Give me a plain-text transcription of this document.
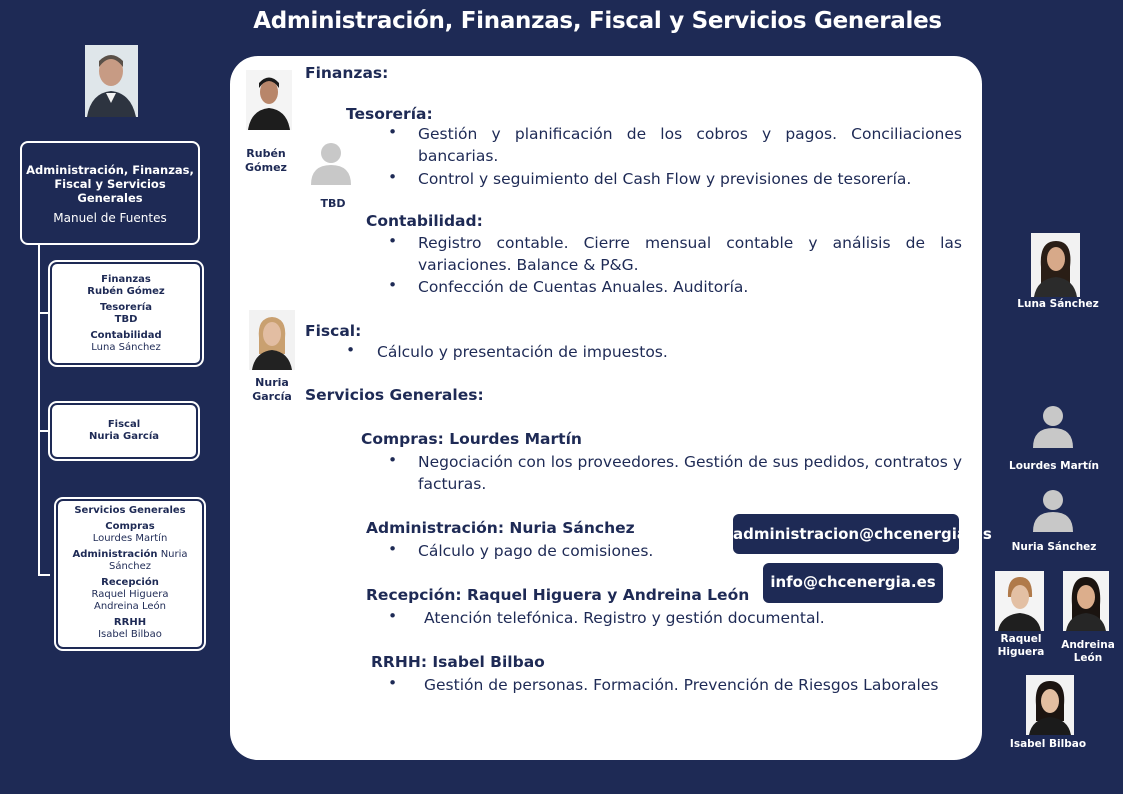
Administración, Finanzas, Fiscal y Servicios Generales
Administración, Finanzas, Fiscal y Servicios Generales
Manuel de Fuentes
Finanzas
Rubén Gómez
Tesorería
TBD
Contabilidad
Luna Sánchez
Fiscal
Nuria García
Servicios Generales
Compras
Lourdes Martín
Administración Nuria Sánchez
Recepción
Raquel Higuera
Andreina León
RRHH
Isabel Bilbao
Rubén Gómez
TBD
Nuria García
Finanzas:
Tesorería:
• Gestión y planificación de los cobros y pagos. Conciliaciones bancarias.
• Control y seguimiento del Cash Flow y previsiones de tesorería.
Contabilidad:
• Registro contable. Cierre mensual contable y análisis de las variaciones. Balance & P&G.
• Confección de Cuentas Anuales. Auditoría.
Fiscal:
• Cálculo y presentación de impuestos.
Servicios Generales:
Compras: Lourdes Martín
• Negociación con los proveedores. Gestión de sus pedidos, contratos y facturas.
Administración: Nuria Sánchez
• Cálculo y pago de comisiones.
Recepción: Raquel Higuera y Andreina León
• Atención telefónica. Registro y gestión documental.
RRHH: Isabel Bilbao
• Gestión de personas. Formación. Prevención de Riesgos Laborales
administracion@chcenergia.es
info@chcenergia.es
Luna Sánchez
Lourdes Martín
Nuria Sánchez
Raquel Higuera
Andreina León
Isabel Bilbao
